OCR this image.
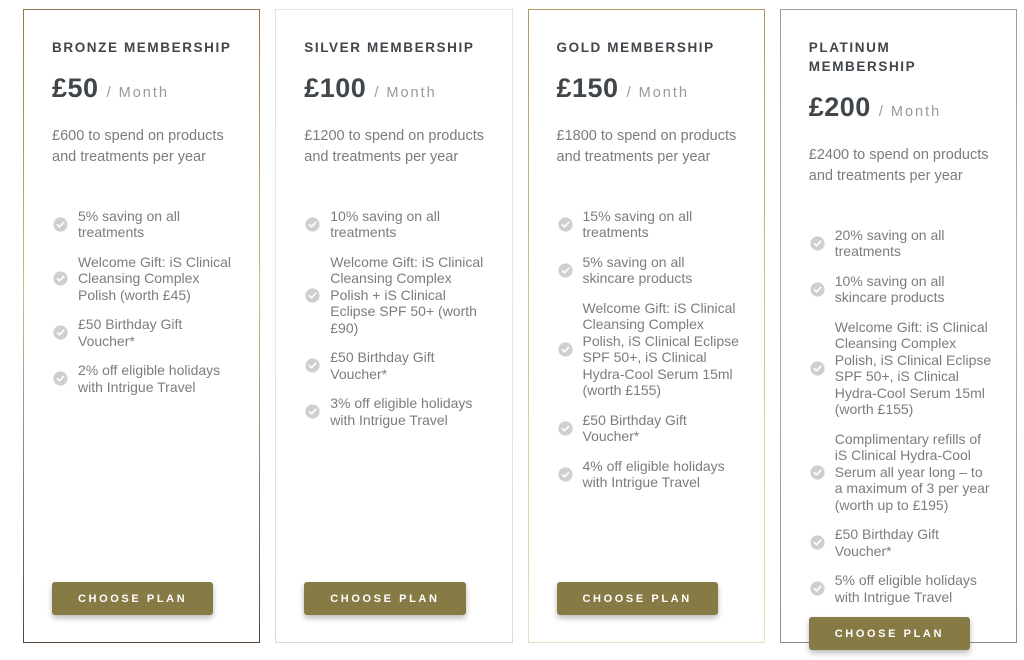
BRONZE MEMBERSHIP
£50 / Month

£600 to spend on products and treatments per year

5% saving on all treatments
Welcome Gift: iS Clinical Cleansing Complex Polish (worth £45)
£50 Birthday Gift Voucher*
2% off eligible holidays with Intrigue Travel
CHOOSE PLAN
SILVER MEMBERSHIP
£100 / Month

£1200 to spend on products and treatments per year

10% saving on all treatments
Welcome Gift: iS Clinical Cleansing Complex Polish + iS Clinical Eclipse SPF 50+ (worth £90)
£50 Birthday Gift Voucher*
3% off eligible holidays with Intrigue Travel
CHOOSE PLAN
GOLD MEMBERSHIP
£150 / Month

£1800 to spend on products and treatments per year

15% saving on all treatments
5% saving on all skincare products
Welcome Gift: iS Clinical Cleansing Complex Polish, iS Clinical Eclipse SPF 50+, iS Clinical Hydra-Cool Serum 15ml (worth £155)
£50 Birthday Gift Voucher*
4% off eligible holidays with Intrigue Travel
CHOOSE PLAN
PLATINUM MEMBERSHIP
£200 / Month

£2400 to spend on products and treatments per year

20% saving on all treatments
10% saving on all skincare products
Welcome Gift: iS Clinical Cleansing Complex Polish, iS Clinical Eclipse SPF 50+, iS Clinical Hydra-Cool Serum 15ml (worth £155)
Complimentary refills of iS Clinical Hydra-Cool Serum all year long – to a maximum of 3 per year (worth up to £195)
£50 Birthday Gift Voucher*
5% off eligible holidays with Intrigue Travel
CHOOSE PLAN
